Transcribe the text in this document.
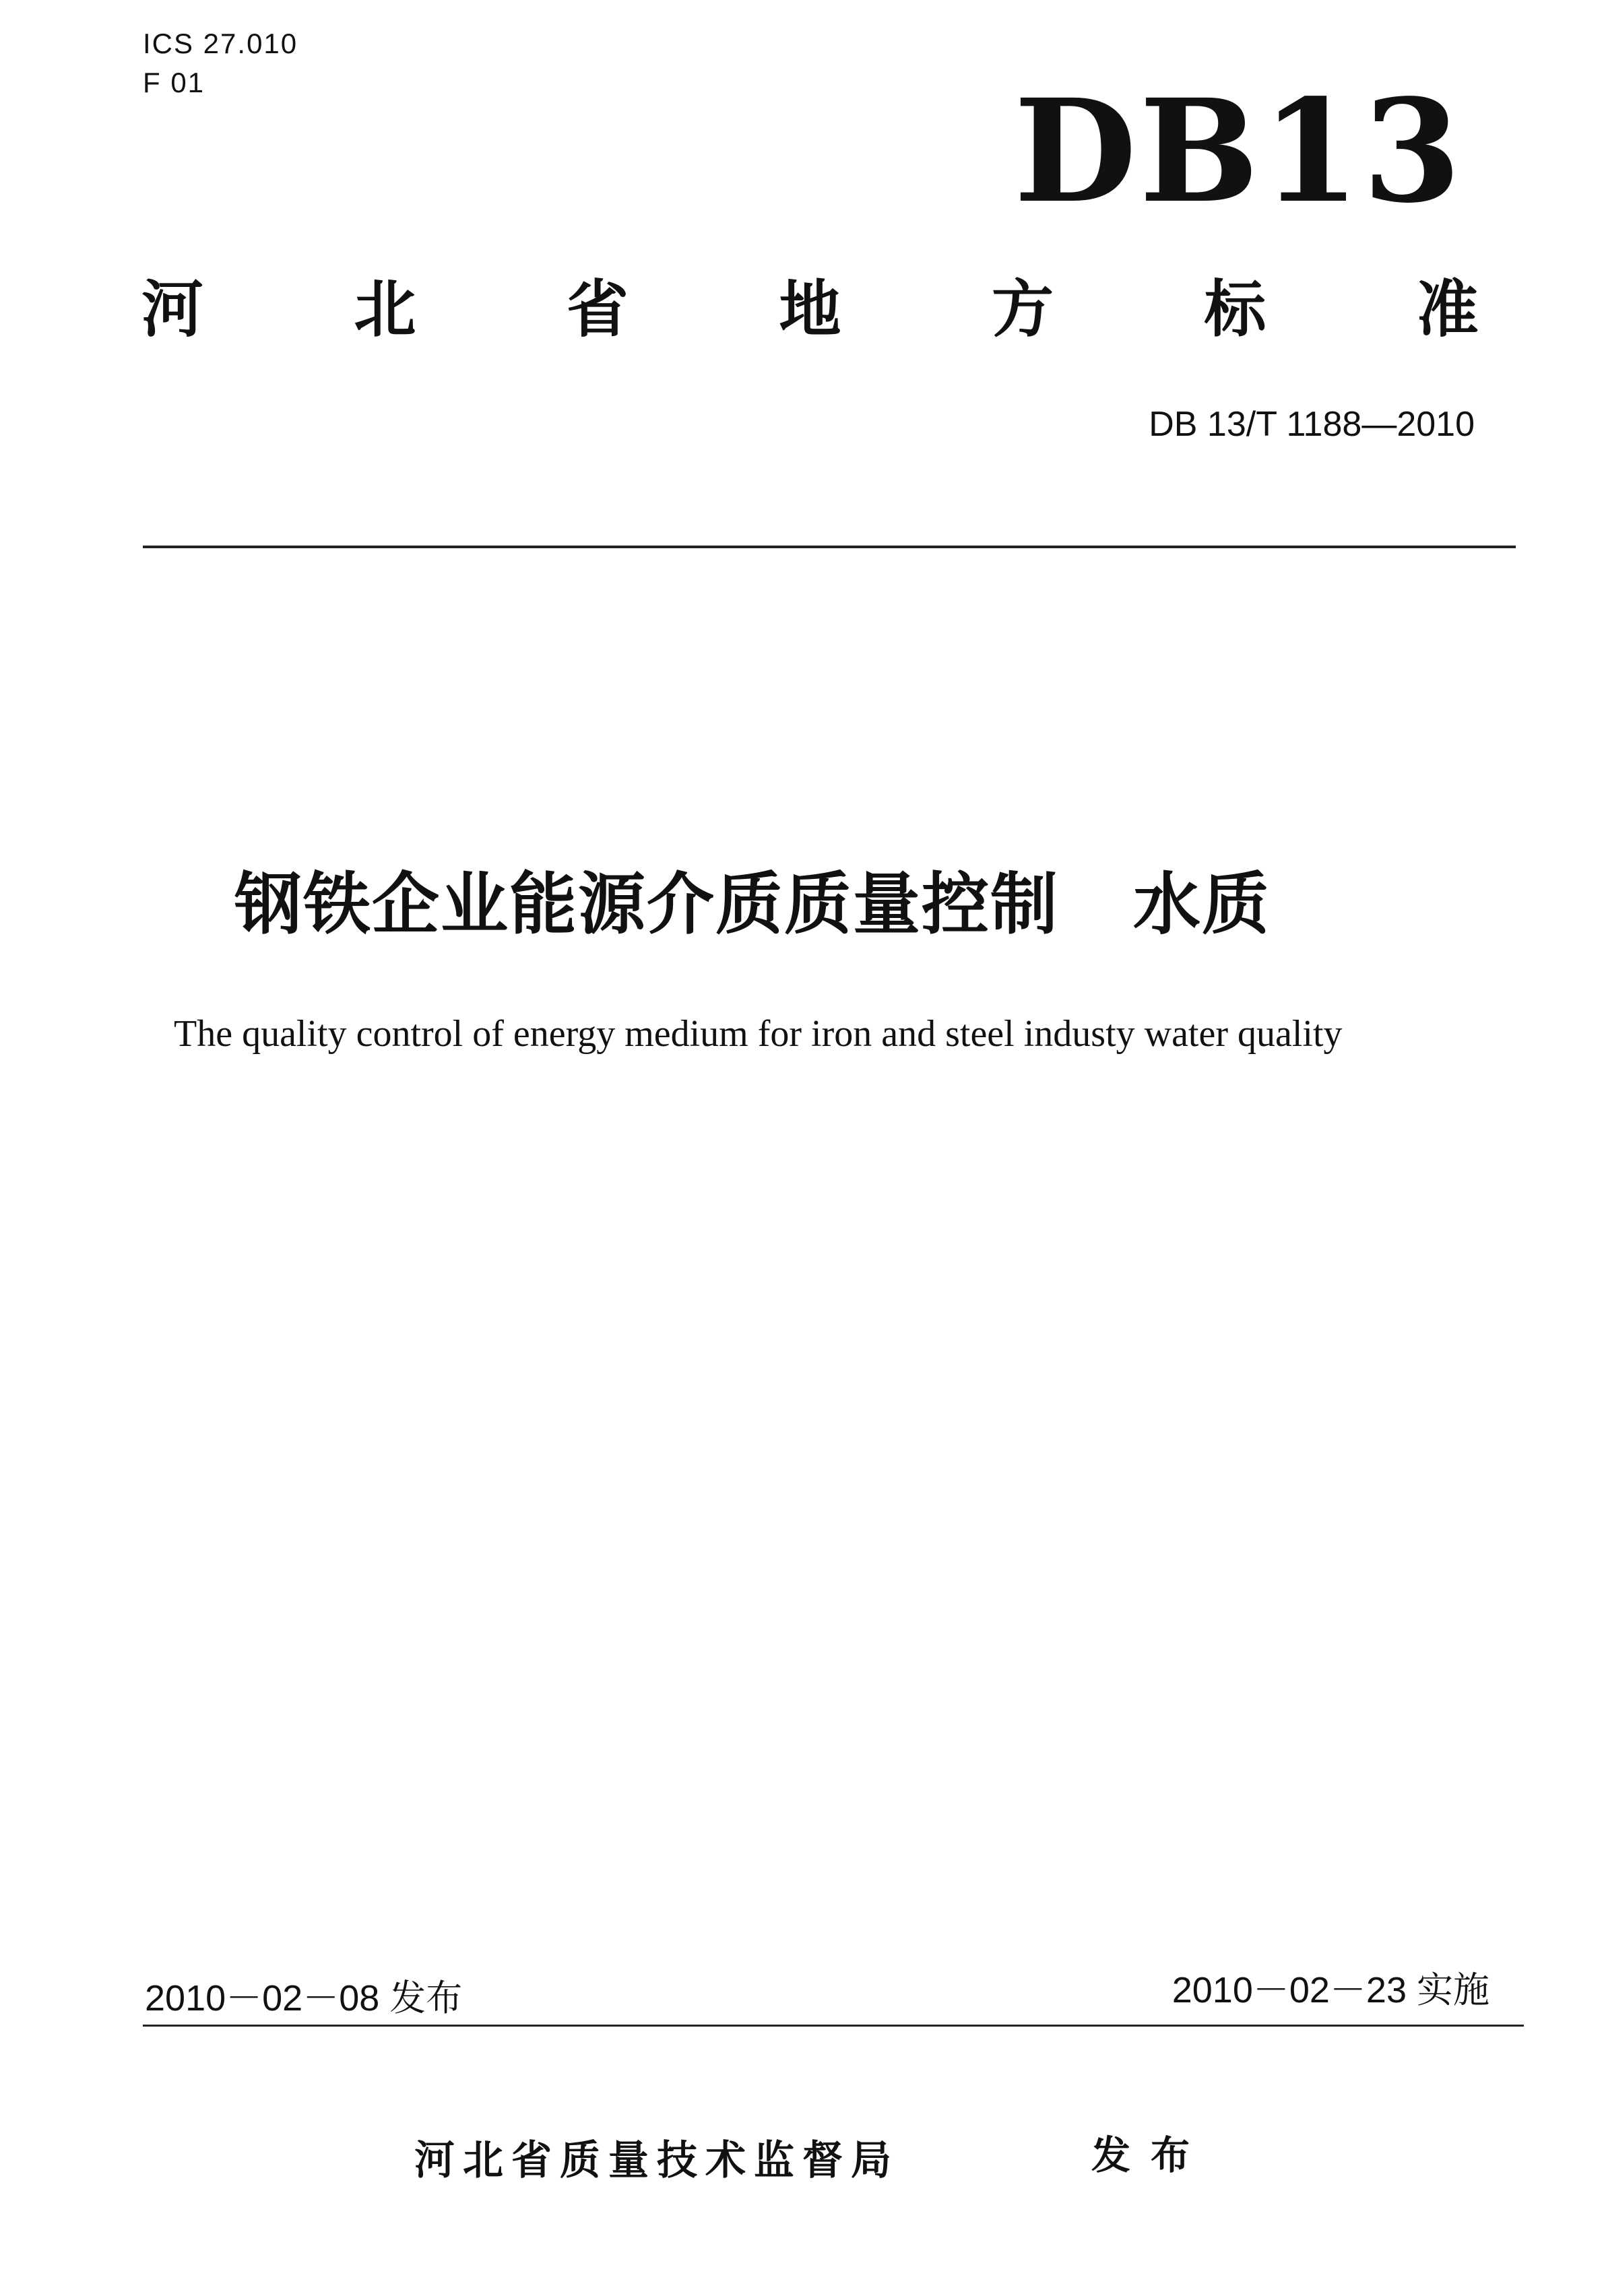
ICS 27.010
F 01	DB13
河 北 省 地 方 标 准
DB 13/T 1188—2010
钢铁企业能源介质质量控制 水质
The quality control of energy medium for iron and steel industy water quality
2010－02－08 发布	2010－02－23 实施
河北省质量技术监督局	发布
